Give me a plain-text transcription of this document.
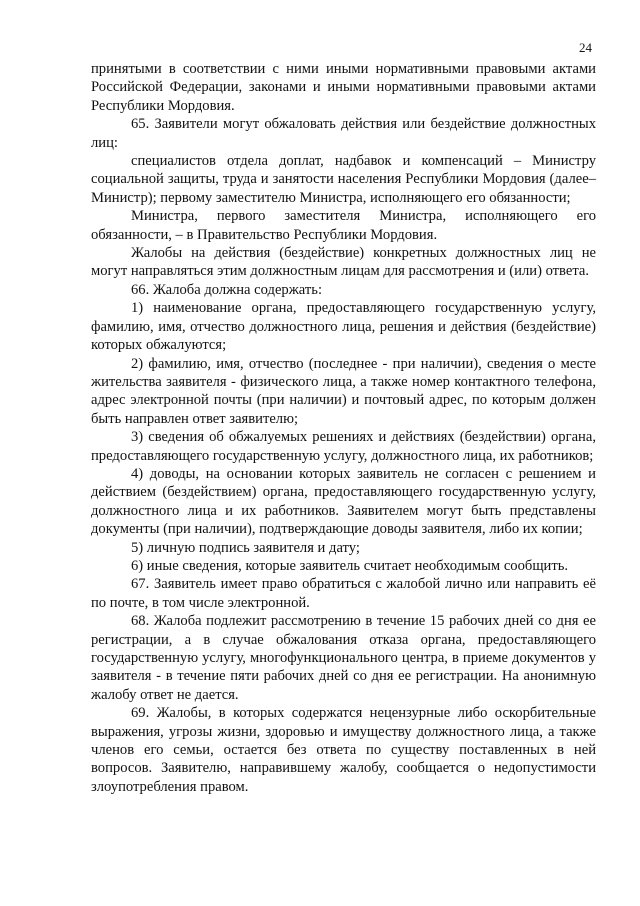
24

принятыми в соответствии с ними иными нормативными правовыми актами Российской Федерации, законами и иными нормативными правовыми актами Республики Мордовия.

65. Заявители могут обжаловать действия или бездействие должностных лиц:

специалистов отдела доплат, надбавок и компенсаций – Министру социальной защиты, труда и занятости населения Республики Мордовия (далее–Министр); первому заместителю Министра, исполняющего его обязанности;

Министра, первого заместителя Министра, исполняющего его обязанности, – в Правительство Республики Мордовия.

Жалобы на действия (бездействие) конкретных должностных лиц не могут направляться этим должностным лицам для рассмотрения и (или) ответа.

66. Жалоба должна содержать:

1) наименование органа, предоставляющего государственную услугу, фамилию, имя, отчество должностного лица, решения и действия (бездействие) которых обжалуются;

2) фамилию, имя, отчество (последнее - при наличии), сведения о месте жительства заявителя - физического лица, а также номер контактного телефона, адрес электронной почты (при наличии) и почтовый адрес, по которым должен быть направлен ответ заявителю;

3) сведения об обжалуемых решениях и действиях (бездействии) органа, предоставляющего государственную услугу, должностного лица, их работников;

4) доводы, на основании которых заявитель не согласен с решением и действием (бездействием) органа, предоставляющего государственную услугу, должностного лица и их работников. Заявителем могут быть представлены документы (при наличии), подтверждающие доводы заявителя, либо их копии;

5) личную подпись заявителя и дату;

6) иные сведения, которые заявитель считает необходимым сообщить.

67. Заявитель имеет право обратиться с жалобой лично или направить её по почте, в том числе электронной.

68. Жалоба подлежит рассмотрению в течение 15 рабочих дней со дня ее регистрации, а в случае обжалования отказа органа, предоставляющего государственную услугу, многофункционального центра, в приеме документов у заявителя - в течение пяти рабочих дней со дня ее регистрации. На анонимную жалобу ответ не дается.

69. Жалобы, в которых содержатся нецензурные либо оскорбительные выражения, угрозы жизни, здоровью и имуществу должностного лица, а также членов его семьи, остается без ответа по существу поставленных в ней вопросов. Заявителю, направившему жалобу, сообщается о недопустимости злоупотребления правом.
